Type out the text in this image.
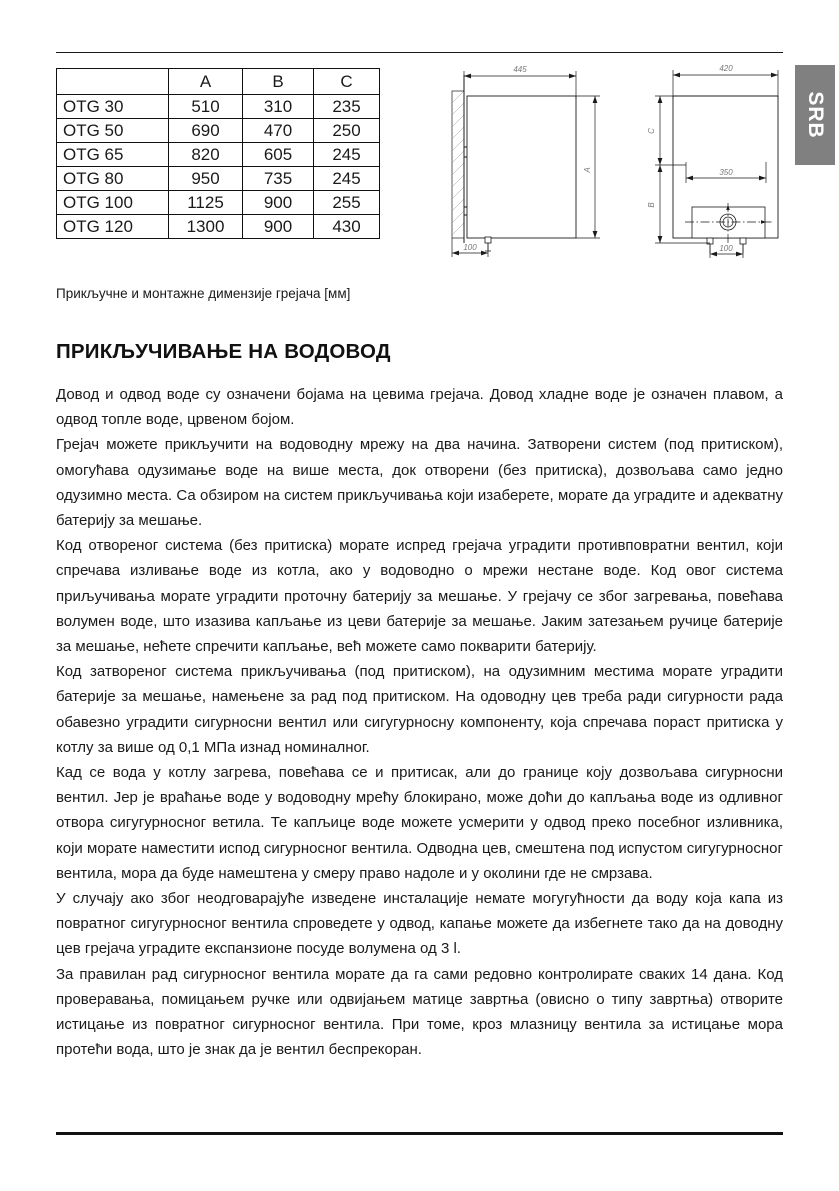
SRB
	A	B	C
OTG 30	510	310	235
OTG 50	690	470	250
OTG 65	820	605	245
OTG 80	950	735	245
OTG 100	1125	900	255
OTG 120	1300	900	430
445
A
100
420
C
B
350
100
Прикључне и монтажне димензије грејача [мм]
ПРИКЉУЧИВАЊЕ НА ВОДОВОД

Довод и одвод воде су означени бојама на цевима грејача. Довод хладне воде је означен плавом, а одвод топле воде, црвеном бојом.

Грејач можете прикључити на водоводну мрежу на два начина. Затворени систем (под притиском), омогућава одузимање воде на више места, док отворени (без притиска), дозвољава само једно одузимно места. Са обзиром на систем прикључивања који изаберете, морате да уградите и адекватну батерију за мешање.

Код отвореног система (без притиска) морате испред грејача уградити противповратни вентил, који спречава изливање воде из котла, ако у водоводно о мрежи нестане воде. Код овог система приључивања морате уградити проточну батерију за мешање. У грејачу се због загревања, повећава волумен воде, што изазива капљање из цеви батерије за мешање. Јаким затезањем ручице батерије за мешање, нећете спречити капљање, већ можете само покварити батерију.

Код затвореног система прикључивања (под притиском), на одузимним местима морате уградити батерије за мешање, намењене за рад под притиском. На одоводну цев треба ради сигурности рада обавезно уградити сигурносни вентил или сигугурносну компоненту, која спречава пораст притиска у котлу за више од 0,1 МПа изнад номиналног.

Кад се вода у котлу загрева, повећава се и притисак, али до границе коју дозвољава сигурносни вентил. Јер је враћање воде у водоводну мрећу блокирано, може доћи до капљања воде из одливног отвора сигугурносног ветила. Те капљице воде можете усмерити у одвод преко посебног изливника, који морате наместити испод сигурносног вентила. Одводна цев, смештена под испустом сигугурносног вентила, мора да буде намештена у смеру право надоле и у околини где не смрзава.

У случају ако због неодговарајуће изведене инсталације немате могугућности да воду која капа из повратног сигугурносног вентила спроведете у одвод, капање можете да избегнете тако да на доводну цев грејача уградите експанзионе посуде волумена од 3 l.

За правилан рад сигурносног вентила морате да га сами редовно контролирате сваких 14 дана. Код проверавања, помицањем ручке или одвијањем матице завртња (овисно о типу завртња) отворите истицање из повратног сигурносног вентила. При томе, кроз млазницу вентила за истицање мора протећи вода, што је знак да је вентил беспрекоран.
